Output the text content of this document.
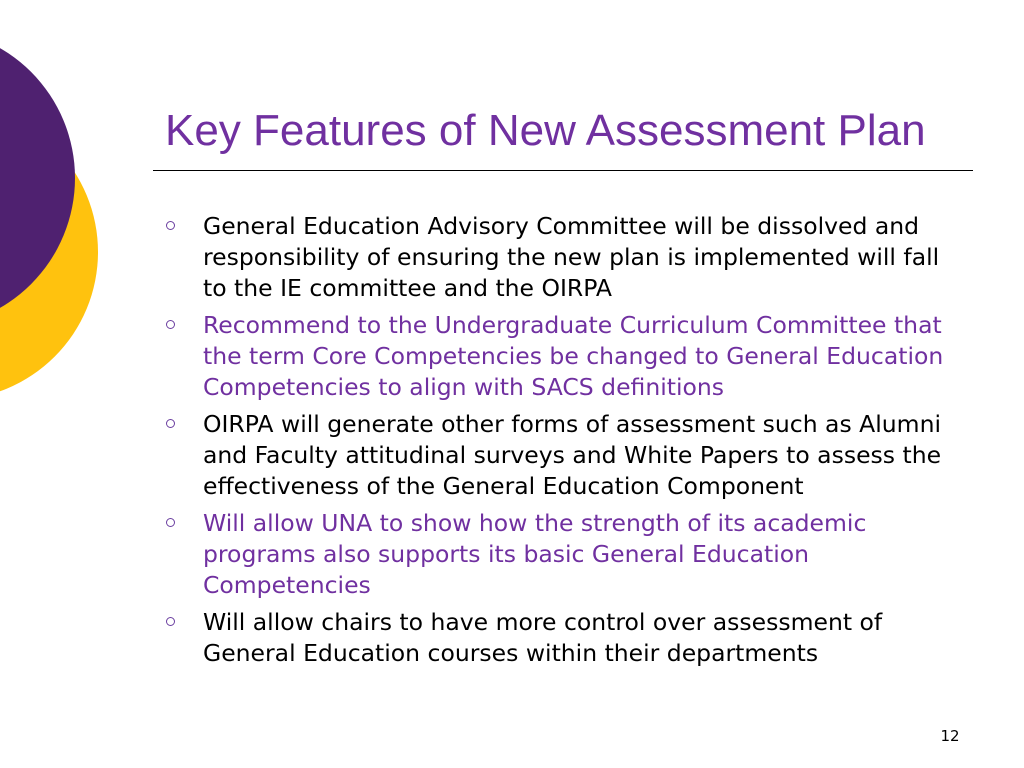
Key Features of New Assessment Plan
General Education Advisory Committee will be dissolved and responsibility of ensuring the new plan is implemented will fall to the IE committee and the OIRPA
Recommend to the Undergraduate Curriculum Committee that the term Core Competencies be changed to General Education Competencies to align with SACS definitions
OIRPA will generate other forms of assessment such as Alumni and Faculty attitudinal surveys and White Papers to assess the effectiveness of the General Education Component
Will allow UNA to show how the strength of its academic programs also supports its basic General Education Competencies
Will allow chairs to have more control over assessment of General Education courses within their departments
12
